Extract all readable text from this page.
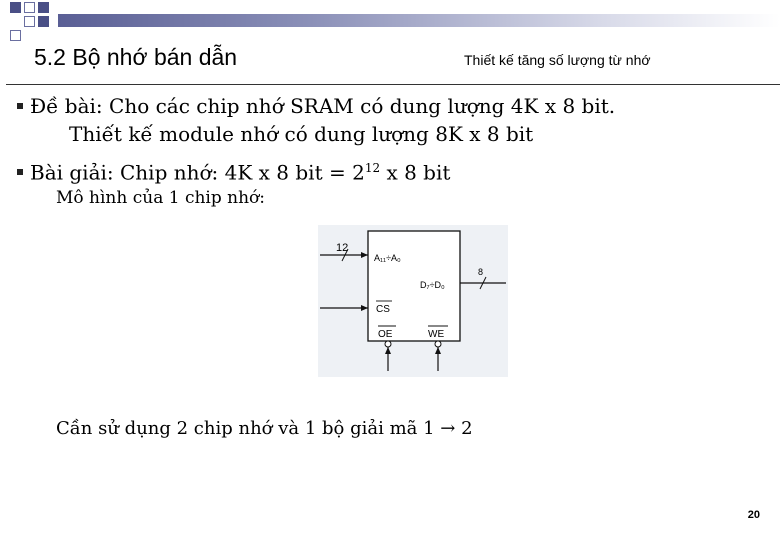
5.2 Bộ nhớ bán dẫn	Thiết kế tăng số lượng từ nhớ
Đề bài: Cho các chip nhớ SRAM có dung lượng 4K x 8 bit.
Thiết kế module nhớ có dung lượng 8K x 8 bit
Bài giải: Chip nhớ: 4K x 8 bit = $2^{12}$ x 8 bit
Mô hình của 1 chip nhớ:
12
A₁₁÷A₀
8
D₇÷D₀
CS
OE	WE
Cần sử dụng 2 chip nhớ và 1 bộ giải mã 1 → 2
20
